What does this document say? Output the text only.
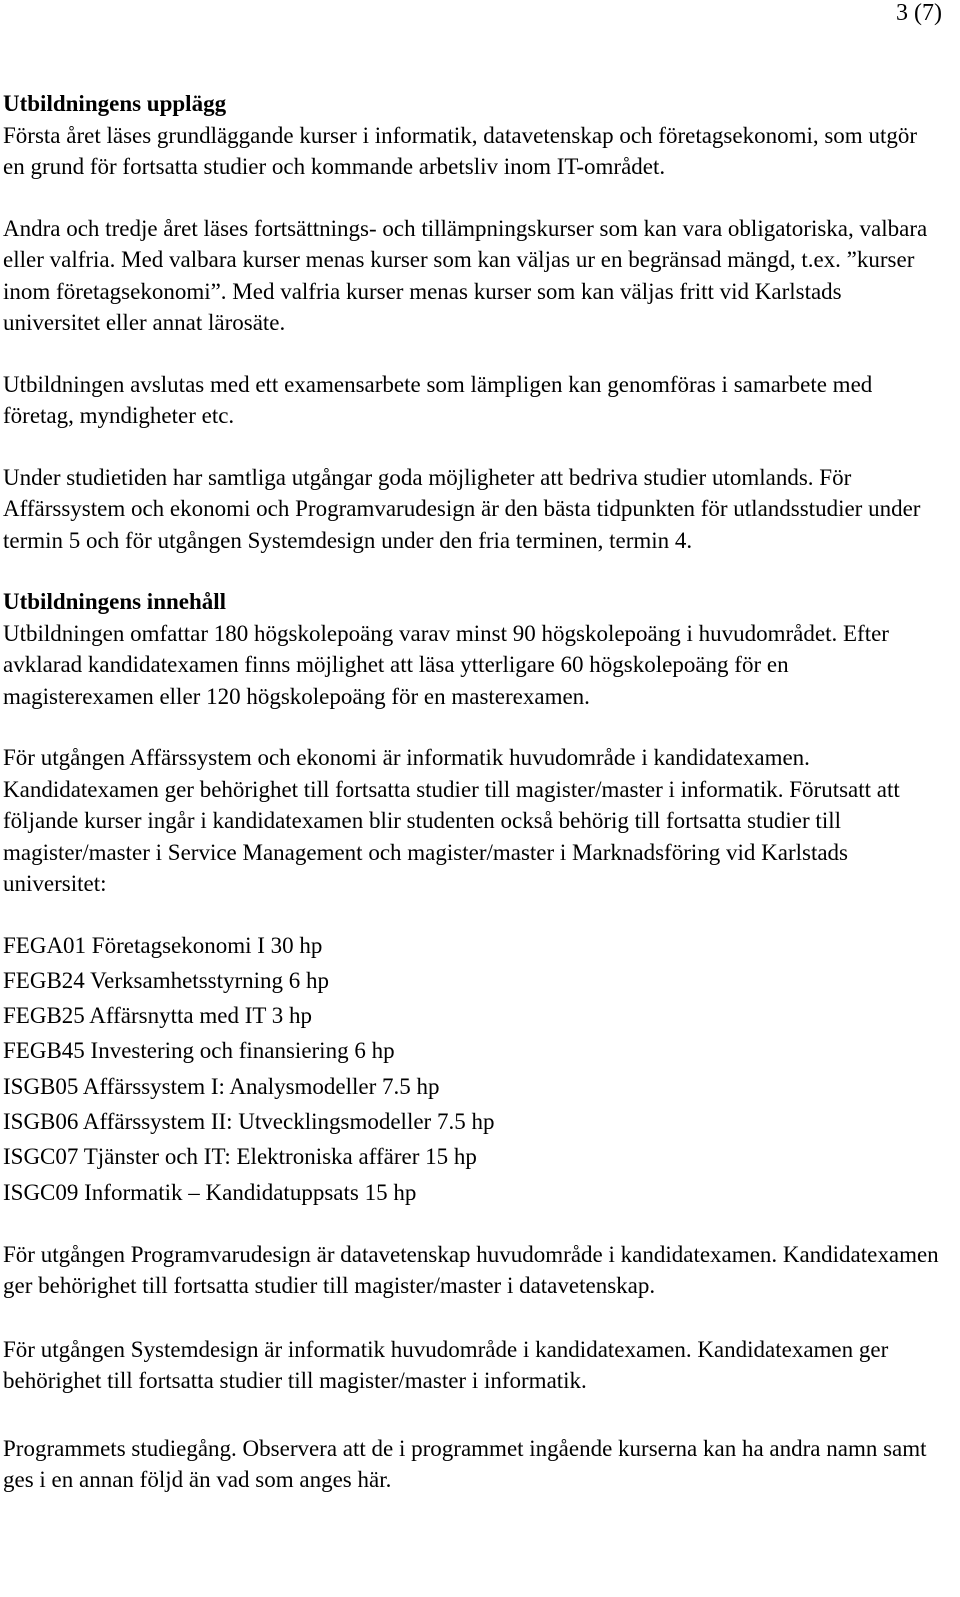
3 (7)
Utbildningens upplägg

Första året läses grundläggande kurser i informatik, datavetenskap och företagsekonomi, som utgör en grund för fortsatta studier och kommande arbetsliv inom IT-området.

Andra och tredje året läses fortsättnings- och tillämpningskurser som kan vara obligatoriska, valbara eller valfria. Med valbara kurser menas kurser som kan väljas ur en begränsad mängd, t.ex. ”kurser inom företagsekonomi”. Med valfria kurser menas kurser som kan väljas fritt vid Karlstads universitet eller annat lärosäte.

Utbildningen avslutas med ett examensarbete som lämpligen kan genomföras i samarbete med företag, myndigheter etc.

Under studietiden har samtliga utgångar goda möjligheter att bedriva studier utomlands. För Affärssystem och ekonomi och Programvarudesign är den bästa tidpunkten för utlandsstudier under termin 5 och för utgången Systemdesign under den fria terminen, termin 4.

Utbildningens innehåll

Utbildningen omfattar 180 högskolepoäng varav minst 90 högskolepoäng i huvudområdet. Efter avklarad kandidatexamen finns möjlighet att läsa ytterligare 60 högskolepoäng för en magisterexamen eller 120 högskolepoäng för en masterexamen.

För utgången Affärssystem och ekonomi är informatik huvudområde i kandidatexamen. Kandidatexamen ger behörighet till fortsatta studier till magister/master i informatik. Förutsatt att följande kurser ingår i kandidatexamen blir studenten också behörig till fortsatta studier till magister/master i Service Management och magister/master i Marknadsföring vid Karlstads universitet:

FEGA01 Företagsekonomi I 30 hp
FEGB24 Verksamhetsstyrning 6 hp
FEGB25 Affärsnytta med IT 3 hp
FEGB45 Investering och finansiering 6 hp
ISGB05 Affärssystem I: Analysmodeller 7.5 hp
ISGB06 Affärssystem II: Utvecklingsmodeller 7.5 hp
ISGC07 Tjänster och IT: Elektroniska affärer 15 hp
ISGC09 Informatik – Kandidatuppsats 15 hp

För utgången Programvarudesign är datavetenskap huvudområde i kandidatexamen. Kandidatexamen ger behörighet till fortsatta studier till magister/master i datavetenskap.

För utgången Systemdesign är informatik huvudområde i kandidatexamen. Kandidatexamen ger behörighet till fortsatta studier till magister/master i informatik.

Programmets studiegång. Observera att de i programmet ingående kurserna kan ha andra namn samt ges i en annan följd än vad som anges här.
